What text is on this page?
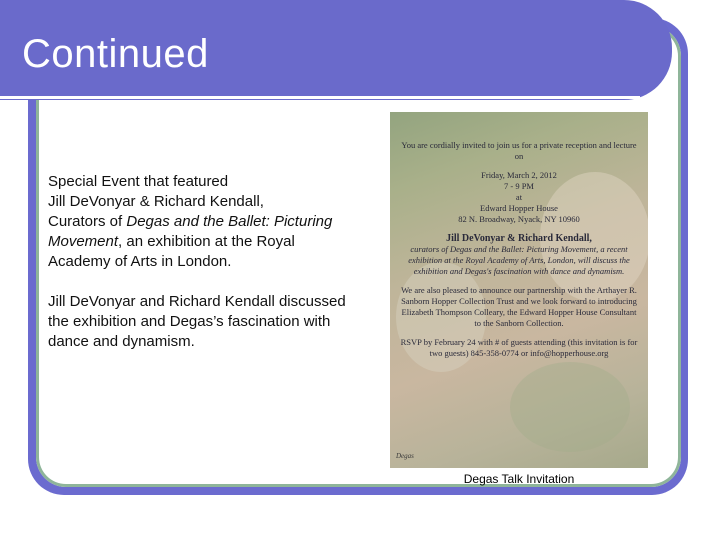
Continued

Special Event that featured
Jill DeVonyar & Richard Kendall,
Curators of Degas and the Ballet: Picturing Movement, an exhibition at the Royal Academy of Arts in London.

Jill DeVonyar and Richard Kendall discussed the exhibition and Degas’s fascination with dance and dynamism.

You are cordially invited to join us for a private reception and lecture on
Friday, March 2, 2012
7 - 9 PM
at
Edward Hopper House
82 N. Broadway, Nyack, NY 10960
Jill DeVonyar & Richard Kendall,
curators of Degas and the Ballet: Picturing Movement, a recent exhibition at the Royal Academy of Arts, London, will discuss the exhibition and Degas's fascination with dance and dynamism.
We are also pleased to announce our partnership with the Arthayer R. Sanborn Hopper Collection Trust and we look forward to introducing Elizabeth Thompson Colleary, the Edward Hopper House Consultant to the Sanborn Collection.
RSVP by February 24 with # of guests attending (this invitation is for two guests) 845-358-0774 or info@hopperhouse.org
Degas
Degas Talk Invitation
